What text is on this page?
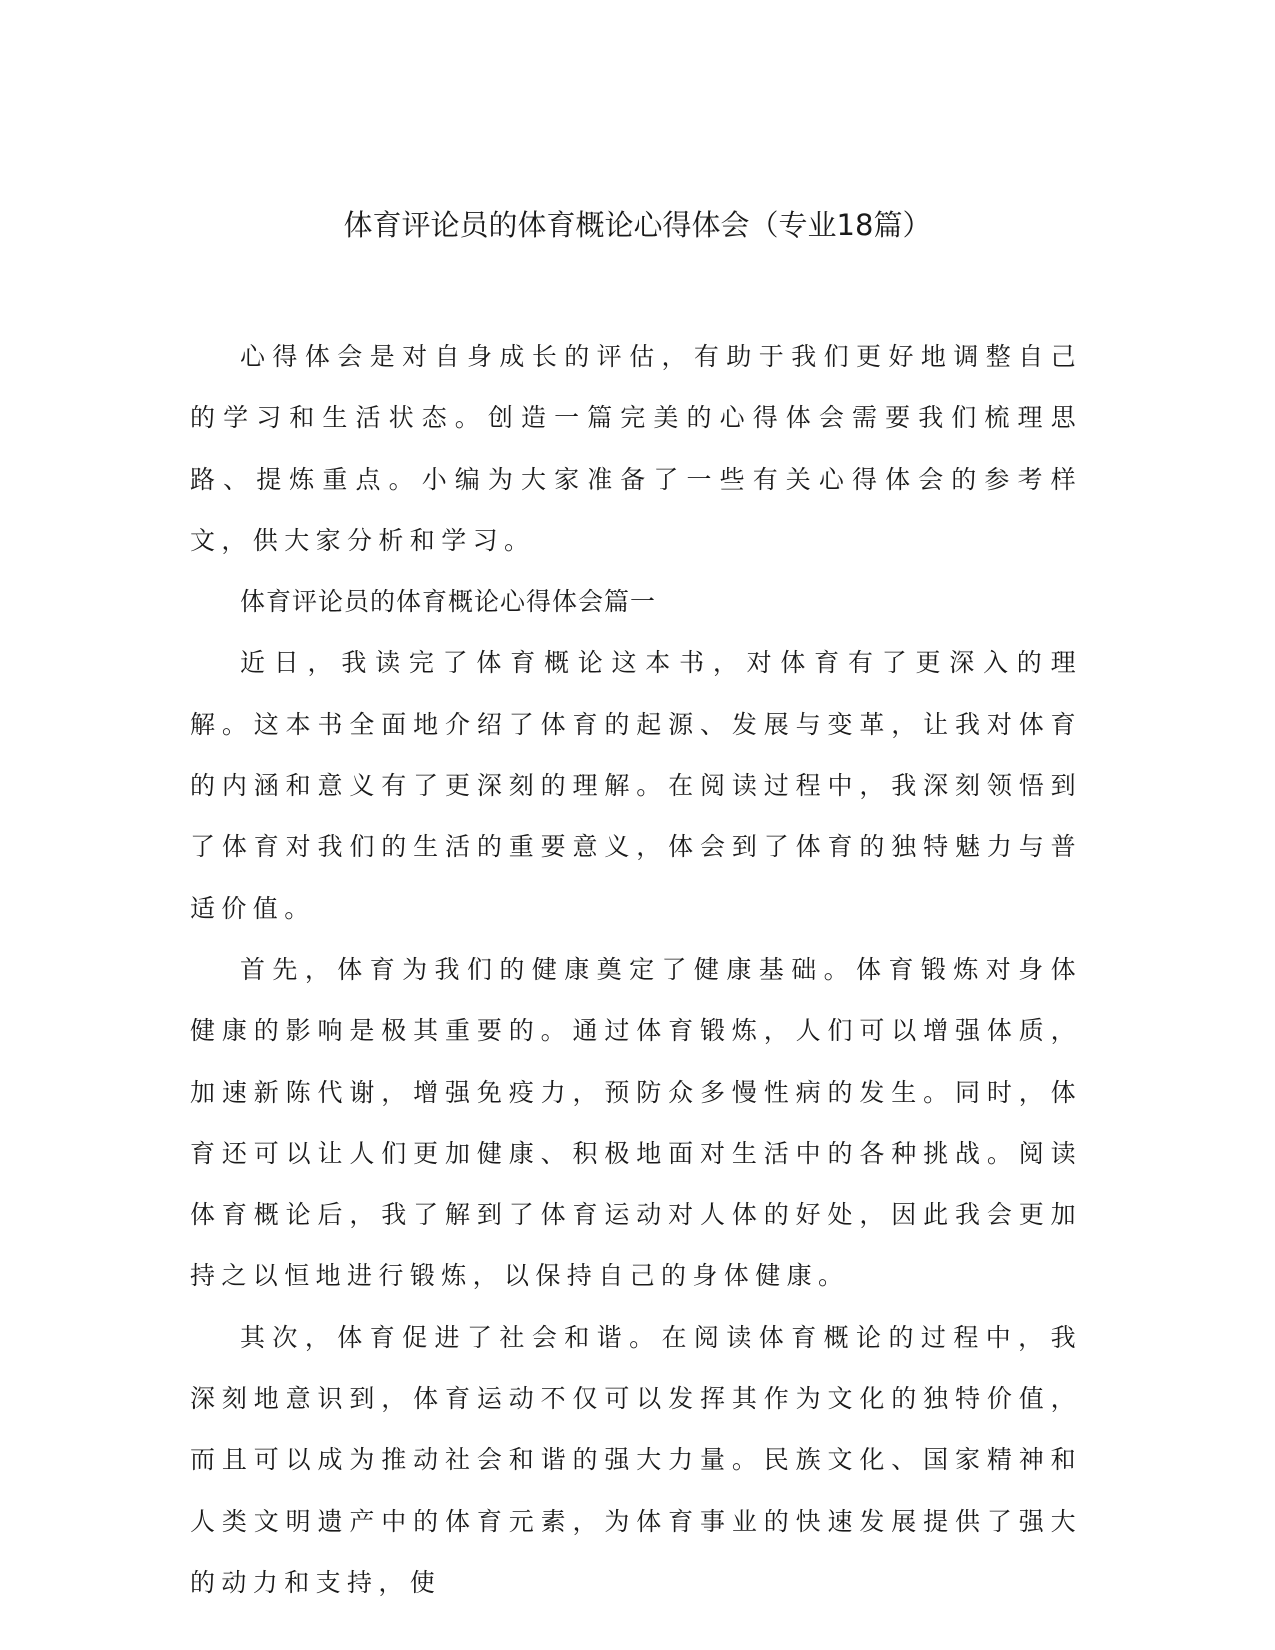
体育评论员的体育概论心得体会（专业18篇）

心得体会是对自身成长的评估，有助于我们更好地调整自己的学习和生活状态。创造一篇完美的心得体会需要我们梳理思路、提炼重点。小编为大家准备了一些有关心得体会的参考样文，供大家分析和学习。

体育评论员的体育概论心得体会篇一

近日，我读完了体育概论这本书，对体育有了更深入的理解。这本书全面地介绍了体育的起源、发展与变革，让我对体育的内涵和意义有了更深刻的理解。在阅读过程中，我深刻领悟到了体育对我们的生活的重要意义，体会到了体育的独特魅力与普适价值。

首先，体育为我们的健康奠定了健康基础。体育锻炼对身体健康的影响是极其重要的。通过体育锻炼，人们可以增强体质，加速新陈代谢，增强免疫力，预防众多慢性病的发生。同时，体育还可以让人们更加健康、积极地面对生活中的各种挑战。阅读体育概论后，我了解到了体育运动对人体的好处，因此我会更加持之以恒地进行锻炼，以保持自己的身体健康。

其次，体育促进了社会和谐。在阅读体育概论的过程中，我深刻地意识到，体育运动不仅可以发挥其作为文化的独特价值，而且可以成为推动社会和谐的强大力量。民族文化、国家精神和人类文明遗产中的体育元素，为体育事业的快速发展提供了强大的动力和支持，使
